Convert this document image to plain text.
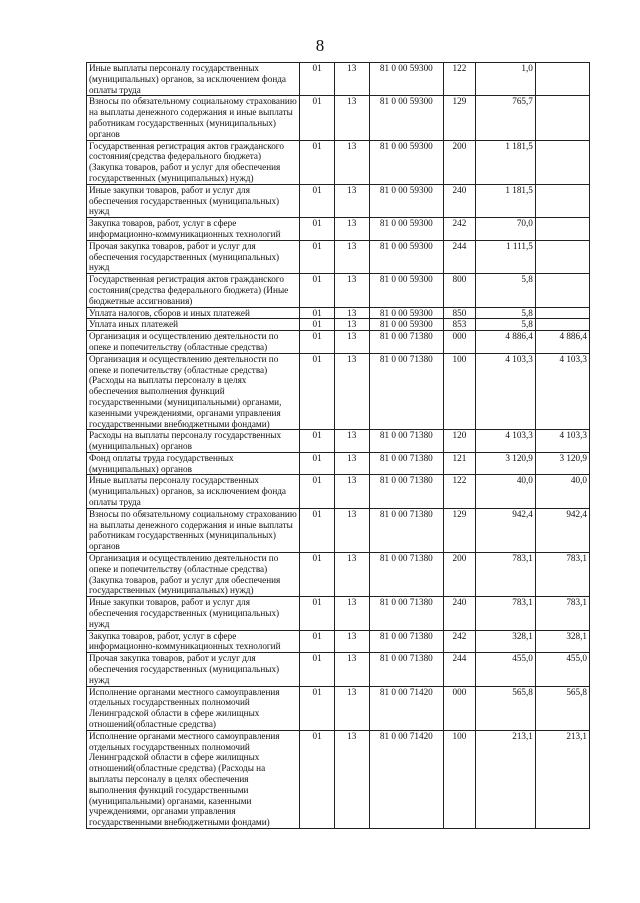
8
Иные выплаты персоналу государственных (муниципальных) органов, за исключением фонда оплаты труда	01	13	81 0 00 59300	122	1,0	
Взносы по обязательному социальному страхованию на выплаты денежного содержания и иные выплаты работникам государственных (муниципальных) органов	01	13	81 0 00 59300	129	765,7	
Государственная регистрация актов гражданского состояния(средства федерального бюджета) (Закупка товаров, работ и услуг для обеспечения государственных (муниципальных) нужд)	01	13	81 0 00 59300	200	1 181,5	
Иные закупки товаров, работ и услуг для обеспечения государственных (муниципальных) нужд	01	13	81 0 00 59300	240	1 181,5	
Закупка товаров, работ, услуг в сфере информационно-коммуникационных технологий	01	13	81 0 00 59300	242	70,0	
Прочая закупка товаров, работ и услуг для обеспечения государственных (муниципальных) нужд	01	13	81 0 00 59300	244	1 111,5	
Государственная регистрация актов гражданского состояния(средства федерального бюджета) (Иные бюджетные ассигнования)	01	13	81 0 00 59300	800	5,8	
Уплата налогов, сборов и иных платежей	01	13	81 0 00 59300	850	5,8	
Уплата иных платежей	01	13	81 0 00 59300	853	5,8	
Организация и осуществлению деятельности по опеке и попечительству (областные средства)	01	13	81 0 00 71380	000	4 886,4	4 886,4
Организация и осуществлению деятельности по опеке и попечительству (областные средства) (Расходы на выплаты персоналу в целях обеспечения выполнения функций государственными (муниципальными) органами, казенными учреждениями, органами управления государственными внебюджетными фондами)	01	13	81 0 00 71380	100	4 103,3	4 103,3
Расходы на выплаты персоналу государственных (муниципальных) органов	01	13	81 0 00 71380	120	4 103,3	4 103,3
Фонд оплаты труда государственных (муниципальных) органов	01	13	81 0 00 71380	121	3 120,9	3 120,9
Иные выплаты персоналу государственных (муниципальных) органов, за исключением фонда оплаты труда	01	13	81 0 00 71380	122	40,0	40,0
Взносы по обязательному социальному страхованию на выплаты денежного содержания и иные выплаты работникам государственных (муниципальных) органов	01	13	81 0 00 71380	129	942,4	942,4
Организация и осуществлению деятельности по опеке и попечительству (областные средства) (Закупка товаров, работ и услуг для обеспечения государственных (муниципальных) нужд)	01	13	81 0 00 71380	200	783,1	783,1
Иные закупки товаров, работ и услуг для обеспечения государственных (муниципальных) нужд	01	13	81 0 00 71380	240	783,1	783,1
Закупка товаров, работ, услуг в сфере информационно-коммуникационных технологий	01	13	81 0 00 71380	242	328,1	328,1
Прочая закупка товаров, работ и услуг для обеспечения государственных (муниципальных) нужд	01	13	81 0 00 71380	244	455,0	455,0
Исполнение органами местного самоуправления отдельных государственных полномочий Ленинградской области в сфере жилищных отношений(областные средства)	01	13	81 0 00 71420	000	565,8	565,8
Исполнение органами местного самоуправления отдельных государственных полномочий Ленинградской области в сфере жилищных отношений(областные средства) (Расходы на выплаты персоналу в целях обеспечения выполнения функций государственными (муниципальными) органами, казенными учреждениями, органами управления государственными внебюджетными фондами)	01	13	81 0 00 71420	100	213,1	213,1
